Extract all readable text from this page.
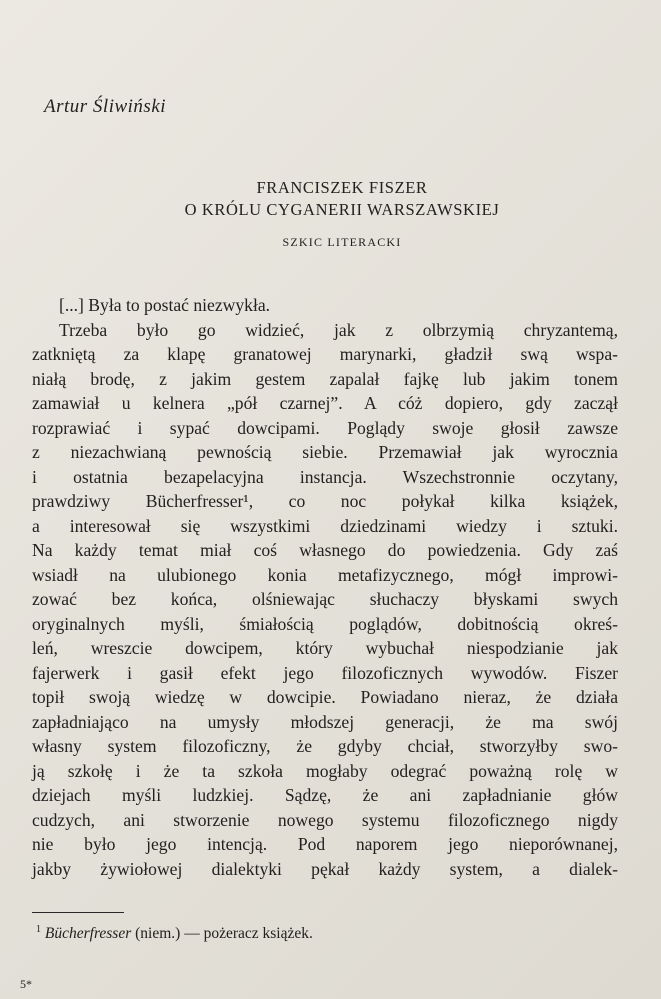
Artur Śliwiński
FRANCISZEK FISZER
O KRÓLU CYGANERII WARSZAWSKIEJ
SZKIC LITERACKI
[...] Była to postać niezwykła.
Trzeba było go widzieć, jak z olbrzymią chryzantemą,
zatkniętą za klapę granatowej marynarki, gładził swą wspa-
niałą brodę, z jakim gestem zapalał fajkę lub jakim tonem
zamawiał u kelnera „pół czarnej”. A cóż dopiero, gdy zaczął
rozprawiać i sypać dowcipami. Poglądy swoje głosił zawsze
z niezachwianą pewnością siebie. Przemawiał jak wyrocznia
i ostatnia bezapelacyjna instancja. Wszechstronnie oczytany,
prawdziwy Bücherfresser¹, co noc połykał kilka książek,
a interesował się wszystkimi dziedzinami wiedzy i sztuki.
Na każdy temat miał coś własnego do powiedzenia. Gdy zaś
wsiadł na ulubionego konia metafizycznego, mógł improwi-
zować bez końca, olśniewając słuchaczy błyskami swych
oryginalnych myśli, śmiałością poglądów, dobitnością okreś-
leń, wreszcie dowcipem, który wybuchał niespodzianie jak
fajerwerk i gasił efekt jego filozoficznych wywodów. Fiszer
topił swoją wiedzę w dowcipie. Powiadano nieraz, że działa
zapładniająco na umysły młodszej generacji, że ma swój
własny system filozoficzny, że gdyby chciał, stworzyłby swo-
ją szkołę i że ta szkoła mogłaby odegrać poważną rolę w
dziejach myśli ludzkiej. Sądzę, że ani zapładnianie głów
cudzych, ani stworzenie nowego systemu filozoficznego nigdy
nie było jego intencją. Pod naporem jego nieporównanej,
jakby żywiołowej dialektyki pękał każdy system, a dialek-
$^1$ Bücherfresser (niem.) — pożeracz książek.
5*
